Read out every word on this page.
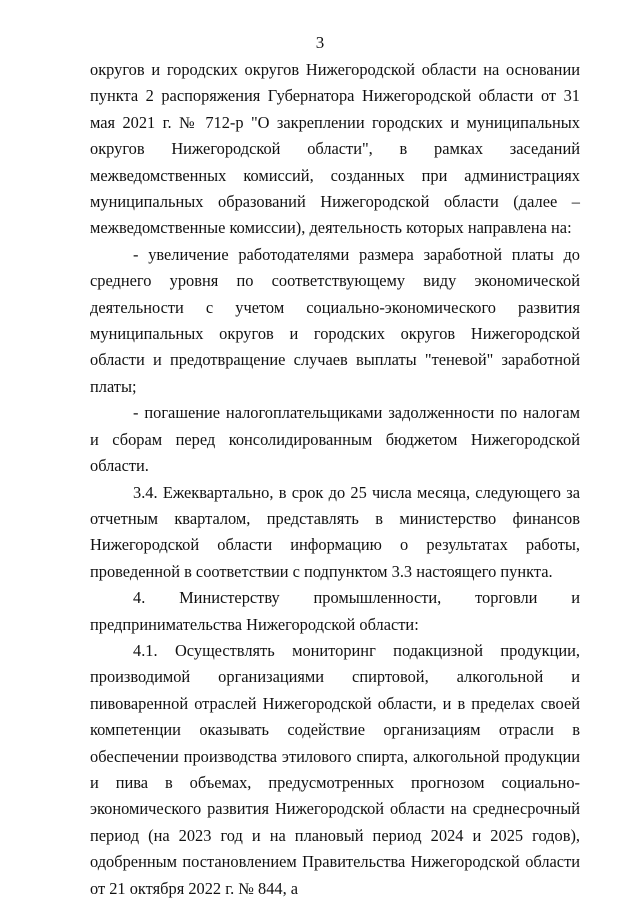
3

округов и городских округов Нижегородской области на основании пункта 2 распоряжения Губернатора Нижегородской области от 31 мая 2021 г. № 712-р "О закреплении городских и муниципальных округов Нижегородской области", в рамках заседаний межведомственных комиссий, созданных при администрациях муниципальных образований Нижегородской области (далее – межведомственные комиссии), деятельность которых направлена на:

- увеличение работодателями размера заработной платы до среднего уровня по соответствующему виду экономической деятельности с учетом социально-экономического развития муниципальных округов и городских округов Нижегородской области и предотвращение случаев выплаты "теневой" заработной платы;

- погашение налогоплательщиками задолженности по налогам и сборам перед консолидированным бюджетом Нижегородской области.

3.4. Ежеквартально, в срок до 25 числа месяца, следующего за отчетным кварталом, представлять в министерство финансов Нижегородской области информацию о результатах работы, проведенной в соответствии с подпунктом 3.3 настоящего пункта.

4. Министерству промышленности, торговли и предпринимательства Нижегородской области:

4.1. Осуществлять мониторинг подакцизной продукции, производимой организациями спиртовой, алкогольной и пивоваренной отраслей Нижегородской области, и в пределах своей компетенции оказывать содействие организациям отрасли в обеспечении производства этилового спирта, алкогольной продукции и пива в объемах, предусмотренных прогнозом социально-экономического развития Нижегородской области на среднесрочный период (на 2023 год и на плановый период 2024 и 2025 годов), одобренным постановлением Правительства Нижегородской области от 21 октября 2022 г. № 844, а
